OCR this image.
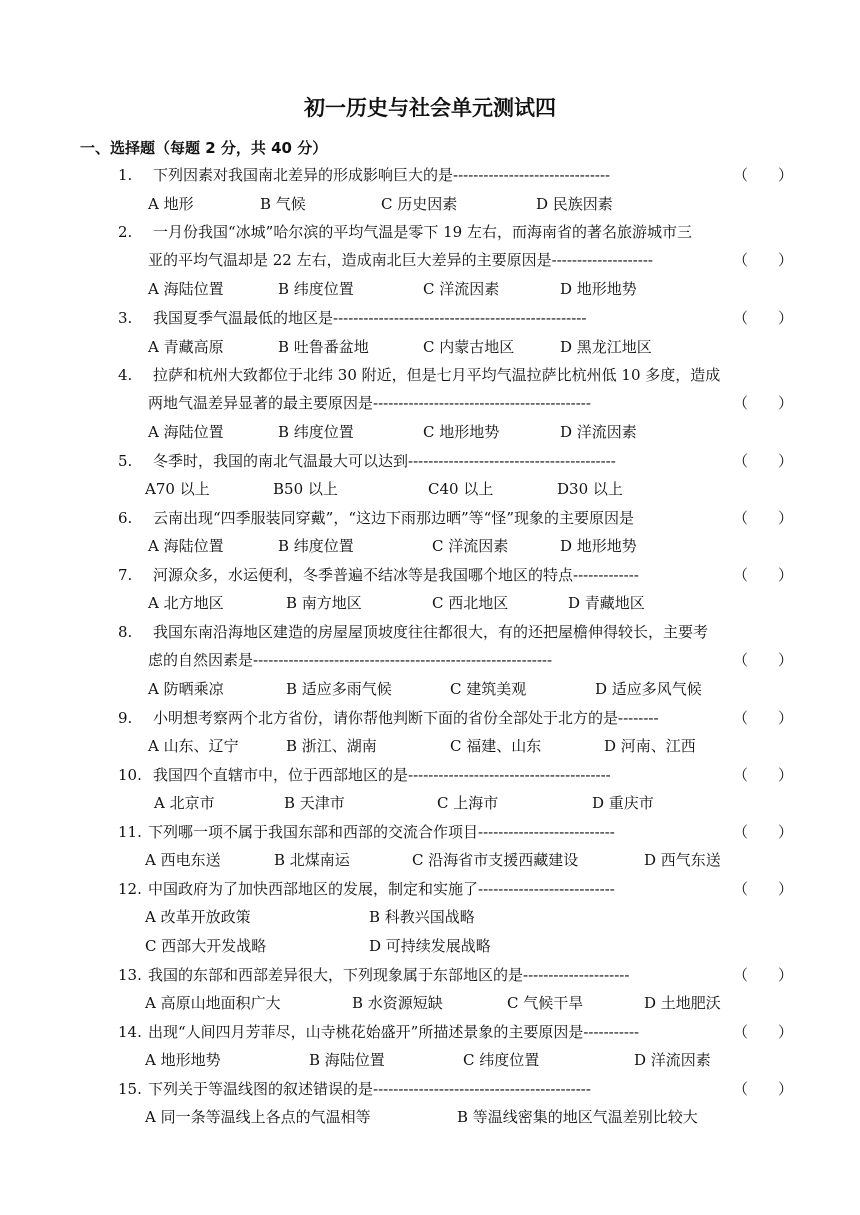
初一历史与社会单元测试四
一、选择题（每题 2 分，共 40 分）
1. 下列因素对我国南北差异的形成影响巨大的是-------------------------------	（　　）
A 地形	B 气候	C 历史因素	D 民族因素
2. 一月份我国“冰城”哈尔滨的平均气温是零下 19 左右，而海南省的著名旅游城市三
亚的平均气温却是 22 左右，造成南北巨大差异的主要原因是--------------------	（　　）
A 海陆位置	B 纬度位置	C 洋流因素	D 地形地势
3. 我国夏季气温最低的地区是--------------------------------------------------	（　　）
A 青藏高原	B 吐鲁番盆地	C 内蒙古地区	D 黑龙江地区
4. 拉萨和杭州大致都位于北纬 30 附近，但是七月平均气温拉萨比杭州低 10 多度，造成
两地气温差异显著的最主要原因是-------------------------------------------	（　　）
A 海陆位置	B 纬度位置	C 地形地势	D 洋流因素
5. 冬季时，我国的南北气温最大可以达到-----------------------------------------	（　　）
A70 以上	B50 以上	C40 以上	D30 以上
6. 云南出现“四季服装同穿戴”，“这边下雨那边晒”等“怪”现象的主要原因是	（　　）
A 海陆位置	B 纬度位置	C 洋流因素	D 地形地势
7. 河源众多，水运便利，冬季普遍不结冰等是我国哪个地区的特点-------------	（　　）
A 北方地区	B 南方地区	C 西北地区	D 青藏地区
8. 我国东南沿海地区建造的房屋屋顶坡度往往都很大，有的还把屋檐伸得较长，主要考
虑的自然因素是-----------------------------------------------------------	（　　）
A 防晒乘凉	B 适应多雨气候	C 建筑美观	D 适应多风气候
9. 小明想考察两个北方省份，请你帮他判断下面的省份全部处于北方的是--------	（　　）
A 山东、辽宁	B 浙江、湖南	C 福建、山东	D 河南、江西
10. 我国四个直辖市中，位于西部地区的是----------------------------------------	（　　）
A 北京市	B 天津市	C 上海市	D 重庆市
11. 下列哪一项不属于我国东部和西部的交流合作项目---------------------------	（　　）
A 西电东送	B 北煤南运	C 沿海省市支援西藏建设	D 西气东送
12. 中国政府为了加快西部地区的发展，制定和实施了---------------------------	（　　）
A 改革开放政策	B 科教兴国战略
C 西部大开发战略	D 可持续发展战略
13. 我国的东部和西部差异很大，下列现象属于东部地区的是---------------------	（　　）
A 高原山地面积广大	B 水资源短缺	C 气候干旱	D 土地肥沃
14. 出现“人间四月芳菲尽，山寺桃花始盛开”所描述景象的主要原因是-----------	（　　）
A 地形地势	B 海陆位置	C 纬度位置	D 洋流因素
15. 下列关于等温线图的叙述错误的是-------------------------------------------	（　　）
A 同一条等温线上各点的气温相等	B 等温线密集的地区气温差别比较大
